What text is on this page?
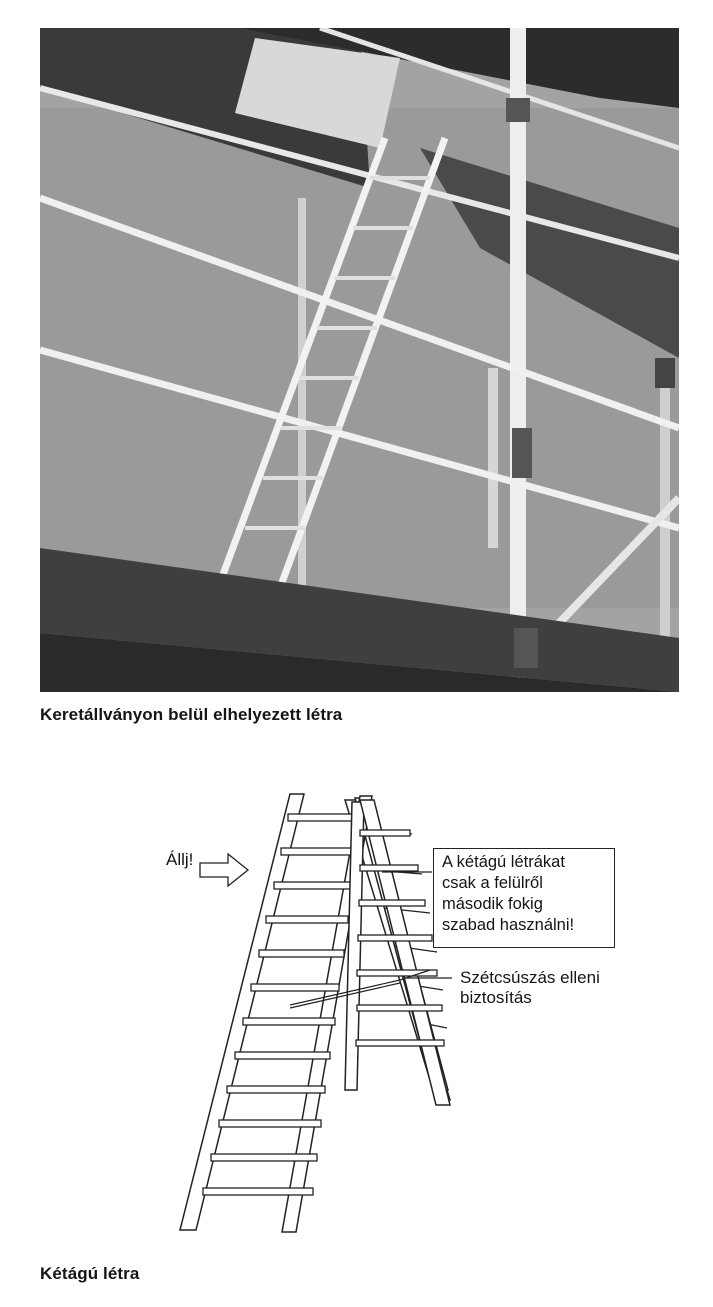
Keretállványon belül elhelyezett létra
Állj!	A kétágú létrákat
csak a felülről
második fokig
szabad használni!
Szétcsúszás elleni
biztosítás
Kétágú létra
